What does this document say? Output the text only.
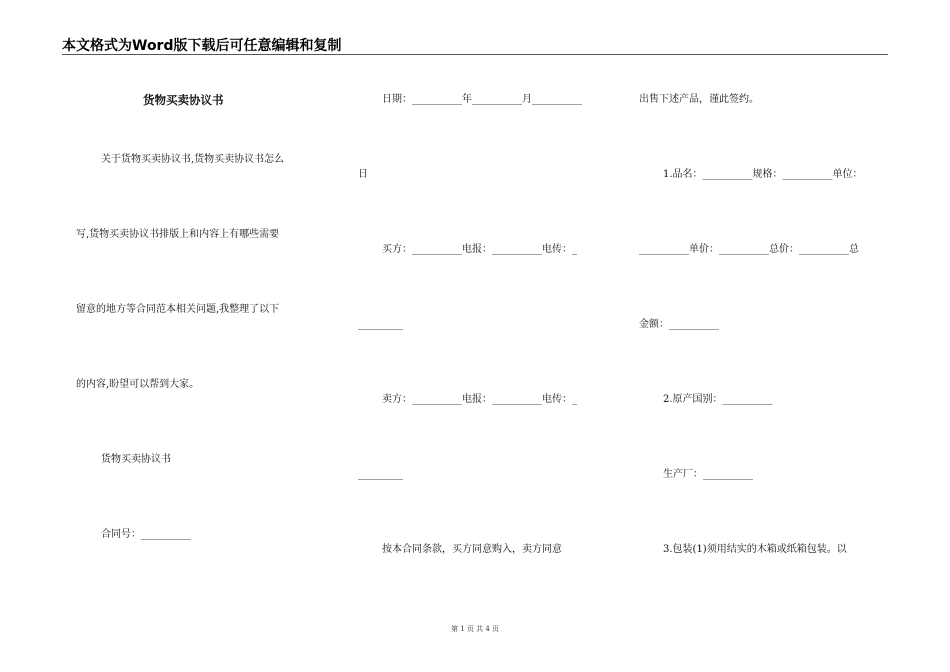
本文格式为Word版下载后可任意编辑和复制
货物买卖协议书
关于货物买卖协议书,货物买卖协议书怎么
写,货物买卖协议书排版上和内容上有哪些需要
留意的地方等合同范本相关问题,我整理了以下
的内容,盼望可以帮到大家。
货物买卖协议书
合同号：__________
日期：__________年__________月__________
日
买方：__________电报：__________电传：_
_________
卖方：__________电报：__________电传：_
_________
按本合同条款，买方同意购入，卖方同意
出售下述产品，谨此签约。
1.品名：__________规格：__________单位：
__________单价：__________总价：__________总
金额：__________
2.原产国别：__________
生产厂：__________
3.包装(1)须用结实的木箱或纸箱包装。以
第 1 页 共 4 页
